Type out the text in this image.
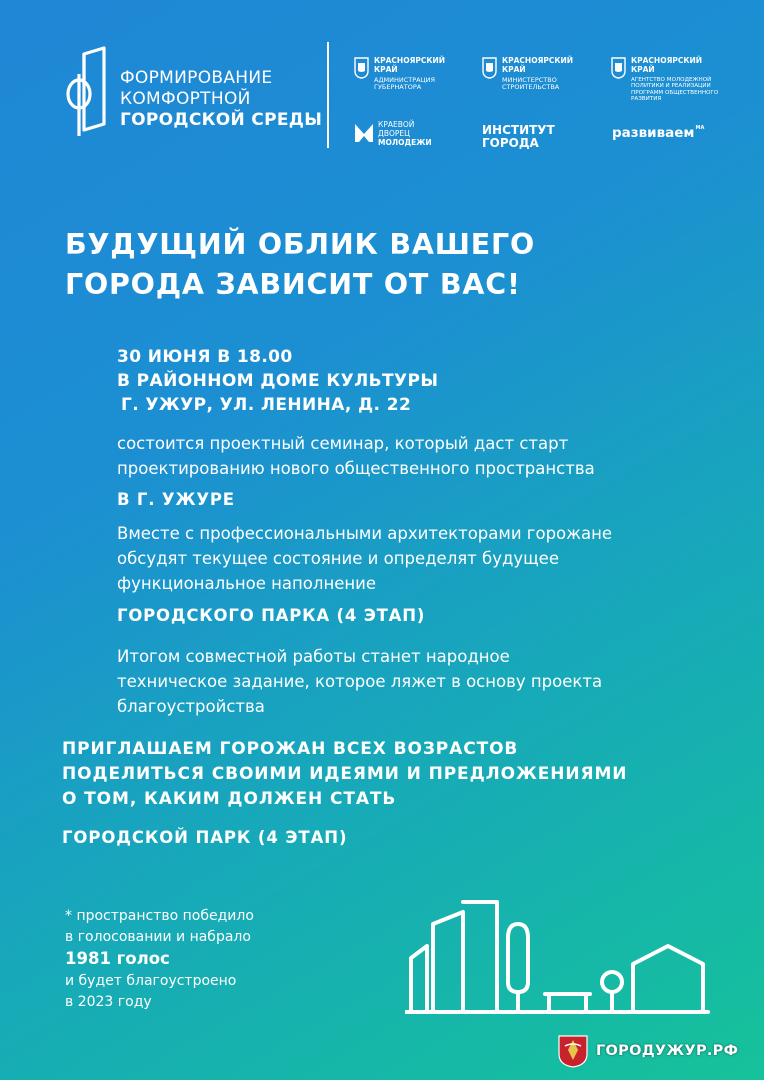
ФОРМИРОВАНИЕ
КОМФОРТНОЙ
ГОРОДСКОЙ СРЕДЫ
КРАСНОЯРСКИЙ КРАЙ
АДМИНИСТРАЦИЯ ГУБЕРНАТОРА
КРАСНОЯРСКИЙ КРАЙ
МИНИСТЕРСТВО СТРОИТЕЛЬСТВА
КРАСНОЯРСКИЙ КРАЙ
АГЕНТСТВО МОЛОДЕЖНОЙ ПОЛИТИКИ И РЕАЛИЗАЦИИ ПРОГРАММ ОБЩЕСТВЕННОГО РАЗВИТИЯ
КРАЕВОЙ
ДВОРЕЦ
МОЛОДЕЖИ
ИНСТИТУТ
ГОРОДА
развиваем$^{МА}$
БУДУЩИЙ ОБЛИК ВАШЕГО
ГОРОДА ЗАВИСИТ ОТ ВАС!
30 ИЮНЯ В 18.00
В РАЙОННОМ ДОМЕ КУЛЬТУРЫ
Г. УЖУР, УЛ. ЛЕНИНА, Д. 22
состоится проектный семинар, который даст старт
проектированию нового общественного пространства
В Г. УЖУРЕ
Вместе с профессиональными архитекторами горожане
обсудят текущее состояние и определят будущее
функциональное наполнение
ГОРОДСКОГО ПАРКА (4 ЭТАП)
Итогом совместной работы станет народное
техническое задание, которое ляжет в основу проекта
благоустройства
ПРИГЛАШАЕМ ГОРОЖАН ВСЕХ ВОЗРАСТОВ
ПОДЕЛИТЬСЯ СВОИМИ ИДЕЯМИ И ПРЕДЛОЖЕНИЯМИ
О ТОМ, КАКИМ ДОЛЖЕН СТАТЬ
ГОРОДСКОЙ ПАРК (4 ЭТАП)
* пространство победило
в голосовании и набрало
1981 голос
и будет благоустроено
в 2023 году
ГОРОДУЖУР.РФ
